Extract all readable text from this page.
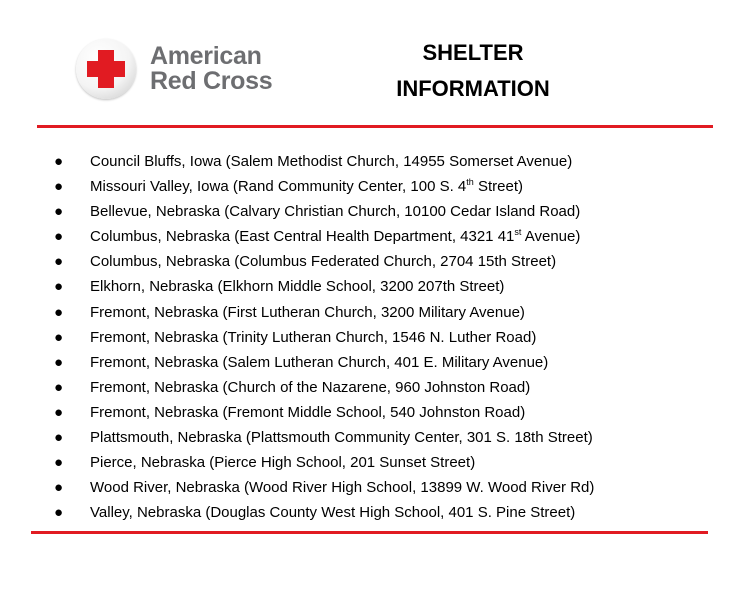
American
Red Cross
SHELTER
INFORMATION
● Council Bluffs, Iowa (Salem Methodist Church, 14955 Somerset Avenue)
● Missouri Valley, Iowa (Rand Community Center, 100 S. 4th Street)
● Bellevue, Nebraska (Calvary Christian Church, 10100 Cedar Island Road)
● Columbus, Nebraska (East Central Health Department, 4321 41st Avenue)
● Columbus, Nebraska (Columbus Federated Church, 2704 15th Street)
● Elkhorn, Nebraska (Elkhorn Middle School, 3200 207th Street)
● Fremont, Nebraska (First Lutheran Church, 3200 Military Avenue)
● Fremont, Nebraska (Trinity Lutheran Church, 1546 N. Luther Road)
● Fremont, Nebraska (Salem Lutheran Church, 401 E. Military Avenue)
● Fremont, Nebraska (Church of the Nazarene, 960 Johnston Road)
● Fremont, Nebraska (Fremont Middle School, 540 Johnston Road)
● Plattsmouth, Nebraska (Plattsmouth Community Center, 301 S. 18th Street)
● Pierce, Nebraska (Pierce High School, 201 Sunset Street)
● Wood River, Nebraska (Wood River High School, 13899 W. Wood River Rd)
● Valley, Nebraska (Douglas County West High School, 401 S. Pine Street)
